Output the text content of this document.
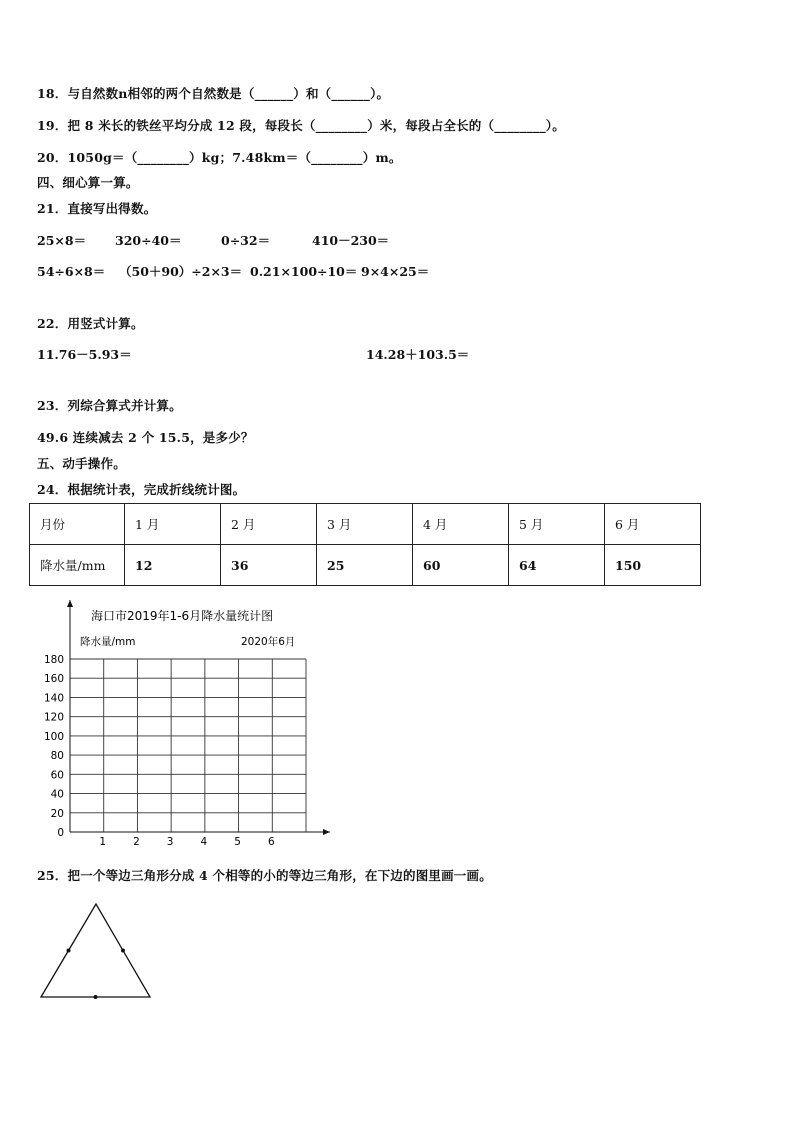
18．与自然数n相邻的两个自然数是（______）和（______）。
19．把 8 米长的铁丝平均分成 12 段，每段长（________）米，每段占全长的（________）。
20．1050g＝（________）kg；7.48km＝（________）m。
四、细心算一算。
21．直接写出得数。
25×8＝ 320÷40＝	0÷32＝	410－230＝
54÷6×8＝ （50＋90）÷2×3＝ 0.21×100÷10＝ 9×4×25＝
22．用竖式计算。
11.76－5.93＝	14.28＋103.5＝
23．列综合算式并计算。
49.6 连续减去 2 个 15.5，是多少？
五、动手操作。
24．根据统计表，完成折线统计图。
月份	1 月	2 月	3 月	4 月	5 月	6 月
降水量/mm	12	36	25	60	64	150
0
20
40
60
80
100
120
140
160
180
1	2	3	4	5	6
海口市2019年1-6月降水量统计图
降水量/mm	2020年6月
25．把一个等边三角形分成 4 个相等的小的等边三角形，在下边的图里画一画。
